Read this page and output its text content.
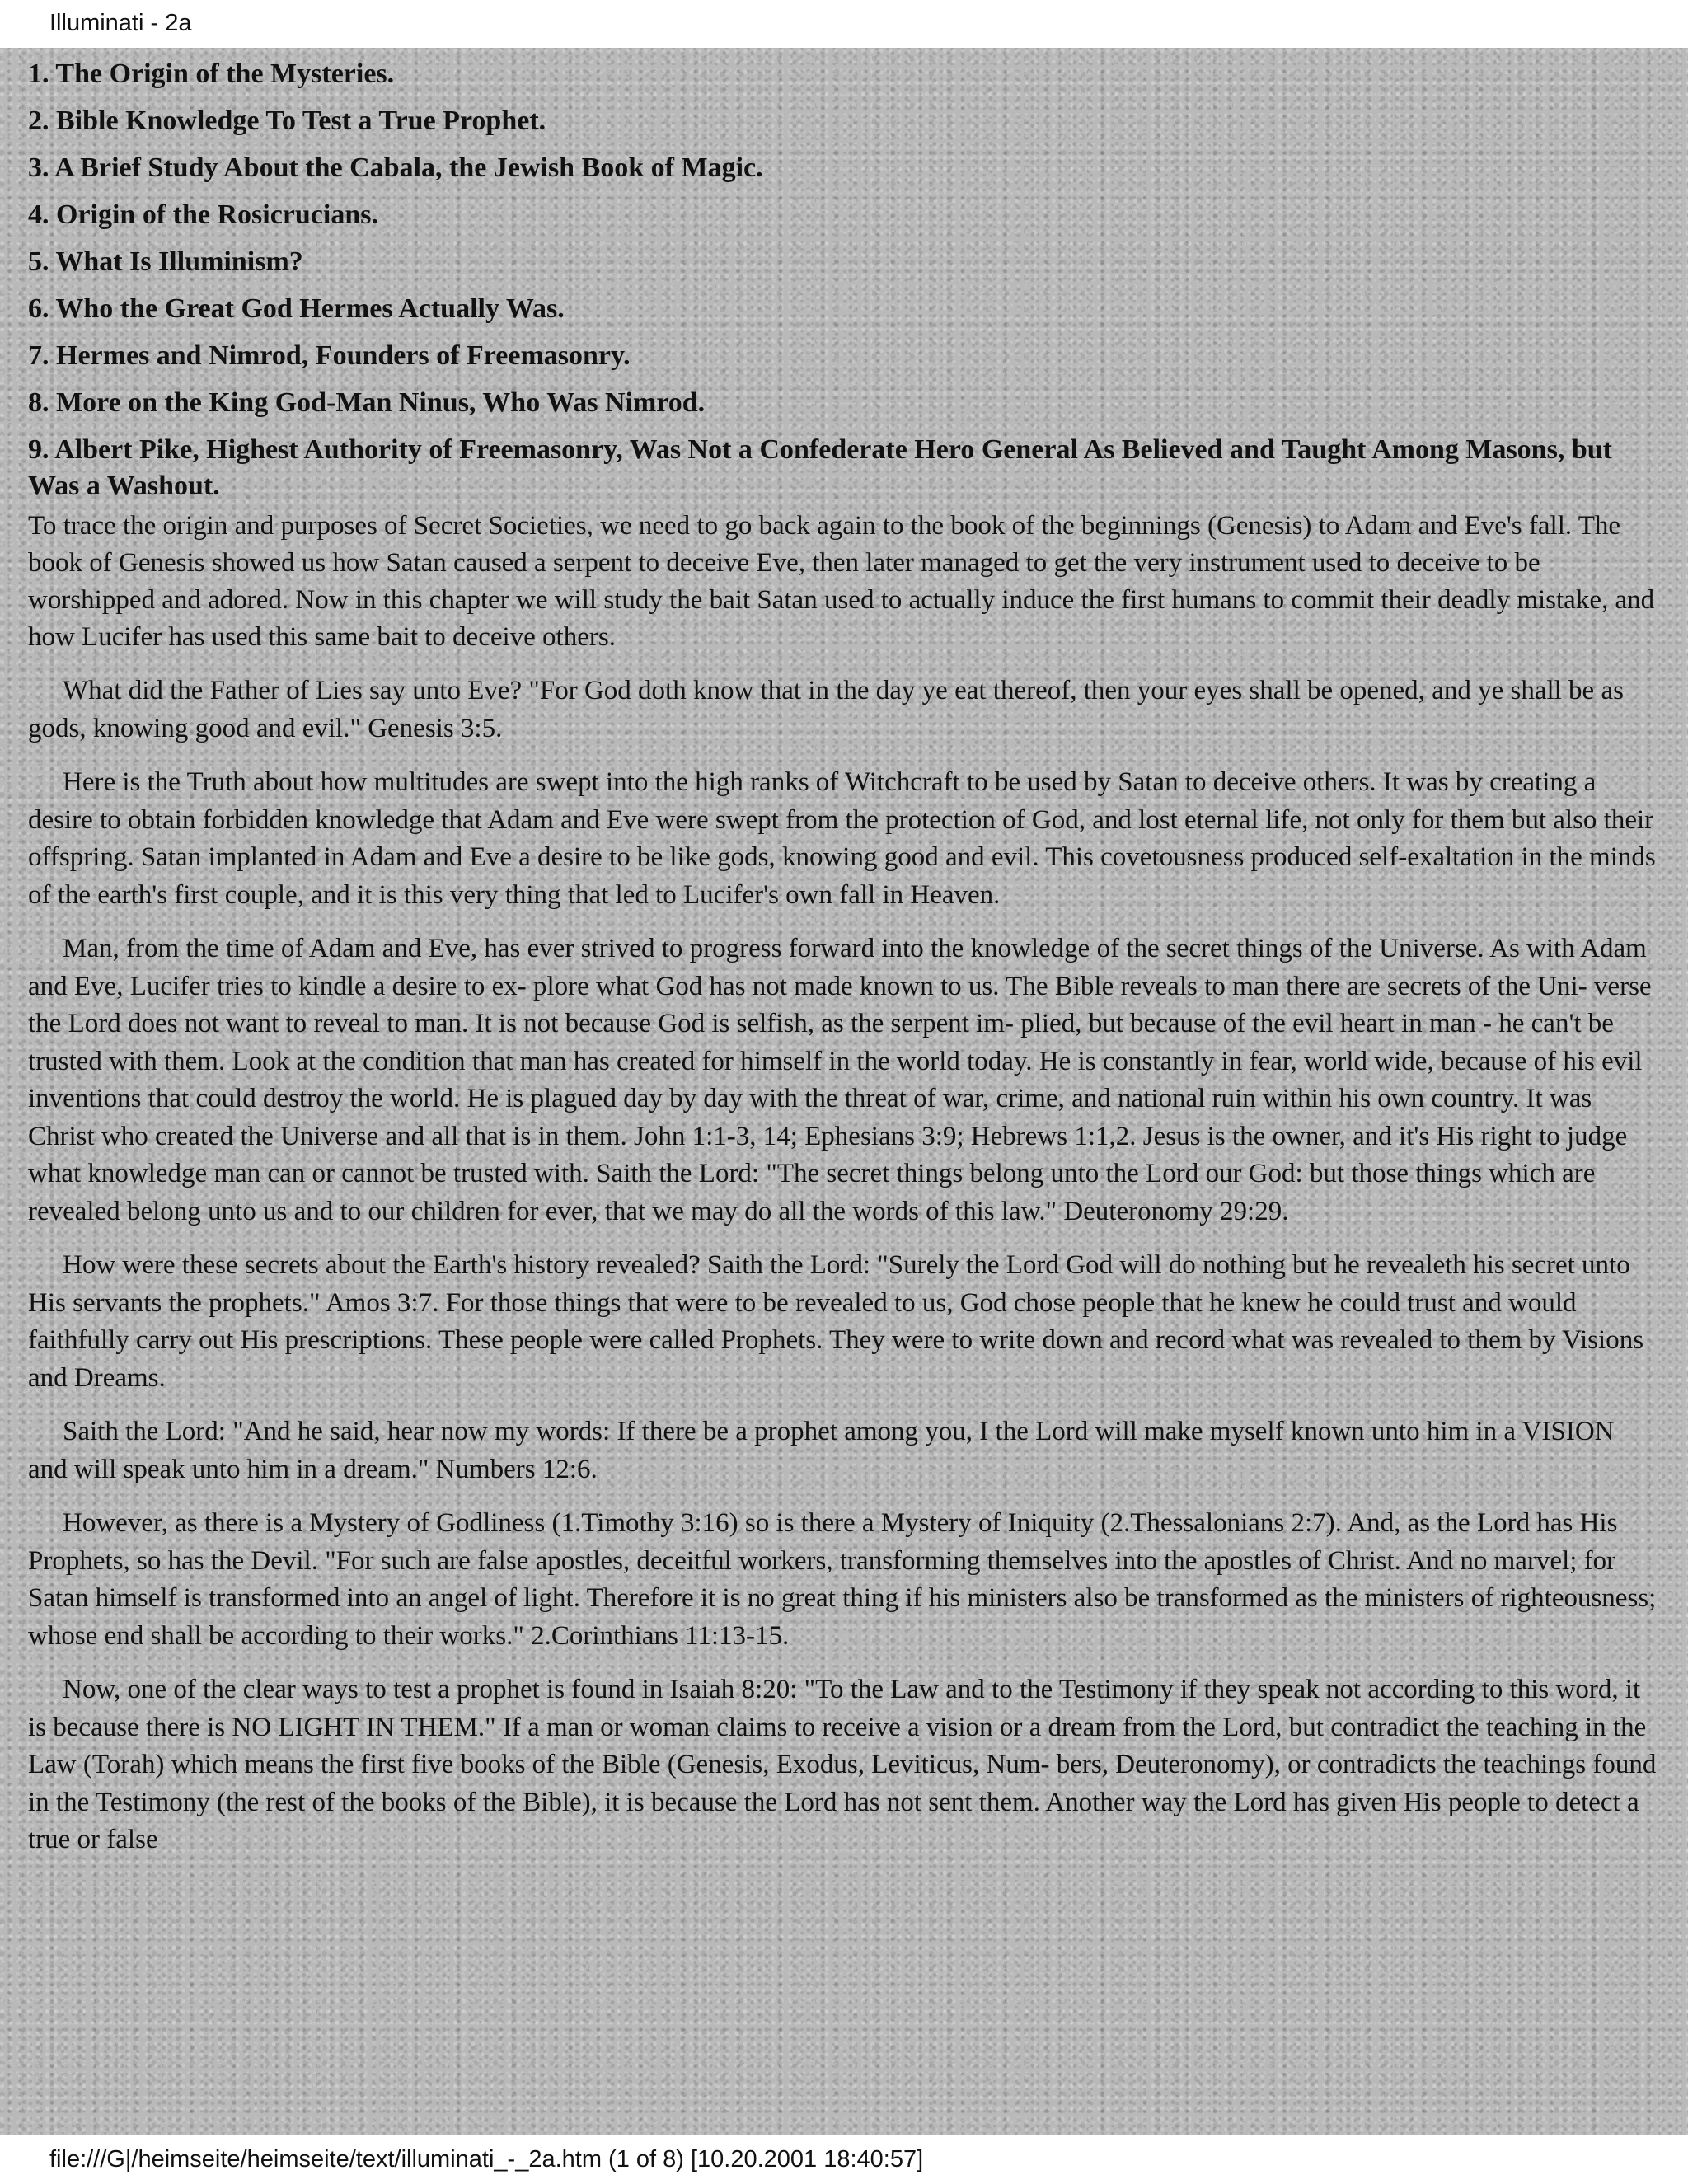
Illuminati - 2a
1. The Origin of the Mysteries.
2. Bible Knowledge To Test a True Prophet.
3. A Brief Study About the Cabala, the Jewish Book of Magic.
4. Origin of the Rosicrucians.
5. What Is Illuminism?
6. Who the Great God Hermes Actually Was.
7. Hermes and Nimrod, Founders of Freemasonry.
8. More on the King God-Man Ninus, Who Was Nimrod.
9. Albert Pike, Highest Authority of Freemasonry, Was Not a Confederate Hero General As Believed and Taught Among Masons, but Was a Washout.

To trace the origin and purposes of Secret Societies, we need to go back again to the book of the beginnings (Genesis) to Adam and Eve's fall. The book of Genesis showed us how Satan caused a serpent to deceive Eve, then later managed to get the very instrument used to deceive to be worshipped and adored. Now in this chapter we will study the bait Satan used to actually induce the first humans to commit their deadly mistake, and how Lucifer has used this same bait to deceive others.

What did the Father of Lies say unto Eve? "For God doth know that in the day ye eat thereof, then your eyes shall be opened, and ye shall be as gods, knowing good and evil." Genesis 3:5.

Here is the Truth about how multitudes are swept into the high ranks of Witchcraft to be used by Satan to deceive others. It was by creating a desire to obtain forbidden knowledge that Adam and Eve were swept from the protection of God, and lost eternal life, not only for them but also their offspring. Satan implanted in Adam and Eve a desire to be like gods, knowing good and evil. This covetousness produced self-exaltation in the minds of the earth's first couple, and it is this very thing that led to Lucifer's own fall in Heaven.

Man, from the time of Adam and Eve, has ever strived to progress forward into the knowledge of the secret things of the Universe. As with Adam and Eve, Lucifer tries to kindle a desire to ex- plore what God has not made known to us. The Bible reveals to man there are secrets of the Uni- verse the Lord does not want to reveal to man. It is not because God is selfish, as the serpent im- plied, but because of the evil heart in man - he can't be trusted with them. Look at the condition that man has created for himself in the world today. He is constantly in fear, world wide, because of his evil inventions that could destroy the world. He is plagued day by day with the threat of war, crime, and national ruin within his own country. It was Christ who created the Universe and all that is in them. John 1:1-3, 14; Ephesians 3:9; Hebrews 1:1,2. Jesus is the owner, and it's His right to judge what knowledge man can or cannot be trusted with. Saith the Lord: "The secret things belong unto the Lord our God: but those things which are revealed belong unto us and to our children for ever, that we may do all the words of this law." Deuteronomy 29:29.

How were these secrets about the Earth's history revealed? Saith the Lord: "Surely the Lord God will do nothing but he revealeth his secret unto His servants the prophets." Amos 3:7. For those things that were to be revealed to us, God chose people that he knew he could trust and would faithfully carry out His prescriptions. These people were called Prophets. They were to write down and record what was revealed to them by Visions and Dreams.

Saith the Lord: "And he said, hear now my words: If there be a prophet among you, I the Lord will make myself known unto him in a VISION and will speak unto him in a dream." Numbers 12:6.

However, as there is a Mystery of Godliness (1.Timothy 3:16) so is there a Mystery of Iniquity (2.Thessalonians 2:7). And, as the Lord has His Prophets, so has the Devil. "For such are false apostles, deceitful workers, transforming themselves into the apostles of Christ. And no marvel; for Satan himself is transformed into an angel of light. Therefore it is no great thing if his ministers also be transformed as the ministers of righteousness; whose end shall be according to their works." 2.Corinthians 11:13-15.

Now, one of the clear ways to test a prophet is found in Isaiah 8:20: "To the Law and to the Testimony if they speak not according to this word, it is because there is NO LIGHT IN THEM." If a man or woman claims to receive a vision or a dream from the Lord, but contradict the teaching in the Law (Torah) which means the first five books of the Bible (Genesis, Exodus, Leviticus, Num- bers, Deuteronomy), or contradicts the teachings found in the Testimony (the rest of the books of the Bible), it is because the Lord has not sent them. Another way the Lord has given His people to detect a true or false

file:///G|/heimseite/heimseite/text/illuminati_-_2a.htm (1 of 8) [10.20.2001 18:40:57]
